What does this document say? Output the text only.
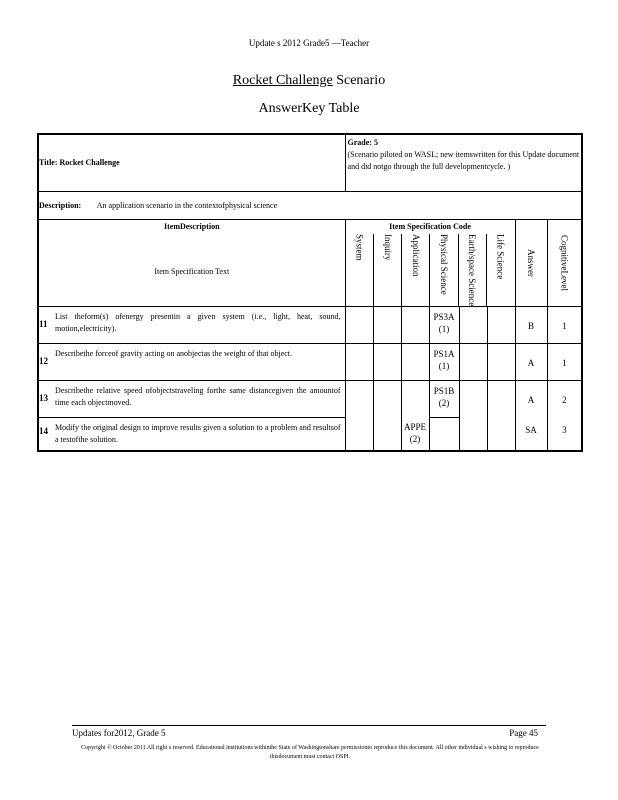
Update s 2012 Grade5 —Teacher
Rocket Challenge Scenario
AnswerKey Table
Title: Rocket Challenge	
Grade: 5
(Scenario piloted on WASL; new itemswritten for this Update document and did notgo through the full developmentcycle. )

Description: An application scenario in the contextofphysical science

ItemDescription
Item Specification Text

Item Specification Code
System	Inquiry	Application	Physical Science	Earth/space Science	Life Science
	Answer	CognitiveLevel

11	List theform(s) ofenergy presentin a given system (i.e., light, heat, sound, motion,electricity).				PS3A (1)			B	1
12	Describethe forceof gravity acting on anobjectas the weight of that object.				PS1A (1)			A	1
13	Describethe relative speed ofobjectstraveling forthe same distancegiven the amountof time each objectmoved.				PS1B (2)			A	2
14	Modify the original design to improve results given a solution to a problem and resultsof a testofthe solution.			APPE (2)				SA	3
Updates for2012, Grade 5	Page 45
Copyright © October 2011 All right s reserved. Educational institutions withinthe State of Washingtonshare permissionto reproduce this document. All other individual s wishing to reproduce thisdocument must contact OSPI.
